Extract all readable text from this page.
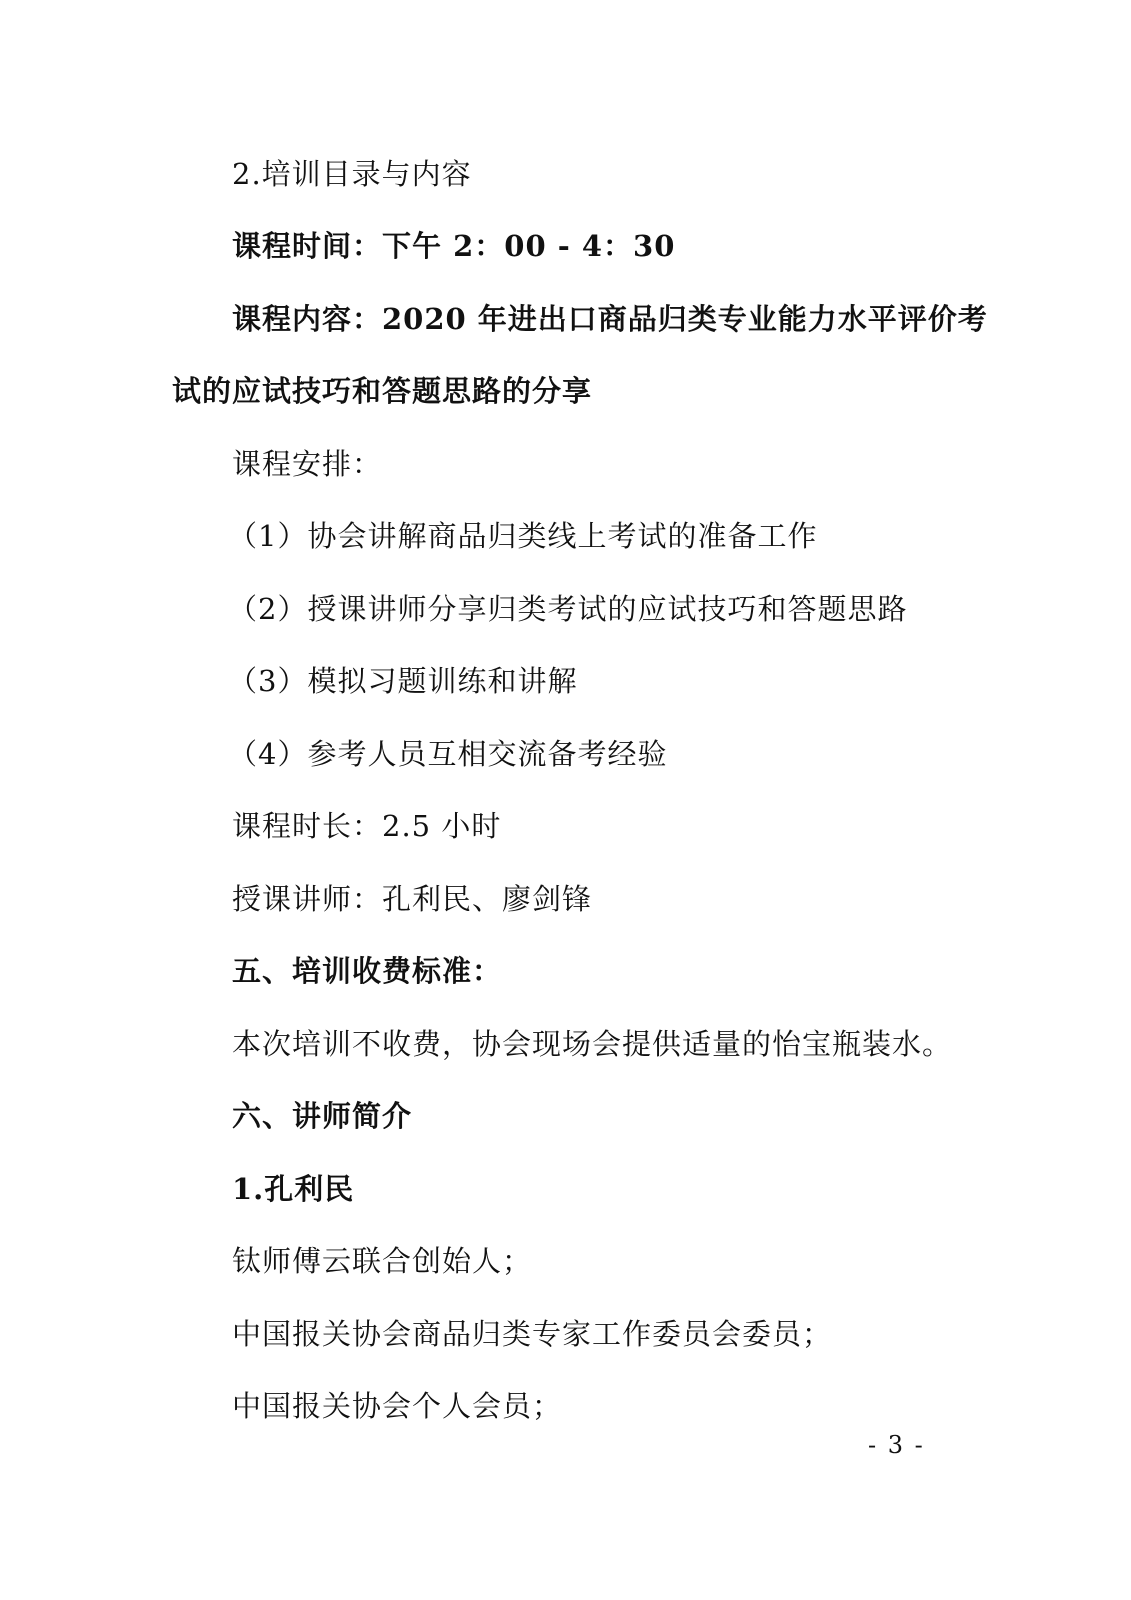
2.培训目录与内容
课程时间：下午 2：00 - 4：30
课程内容：2020 年进出口商品归类专业能力水平评价考
试的应试技巧和答题思路的分享
课程安排：
（1）协会讲解商品归类线上考试的准备工作
（2）授课讲师分享归类考试的应试技巧和答题思路
（3）模拟习题训练和讲解
（4）参考人员互相交流备考经验
课程时长：2.5 小时
授课讲师：孔利民、廖剑锋
五、培训收费标准：
本次培训不收费，协会现场会提供适量的怡宝瓶装水。
六、讲师简介
1.孔利民
钛师傅云联合创始人；
中国报关协会商品归类专家工作委员会委员；
中国报关协会个人会员；
- 3 -
